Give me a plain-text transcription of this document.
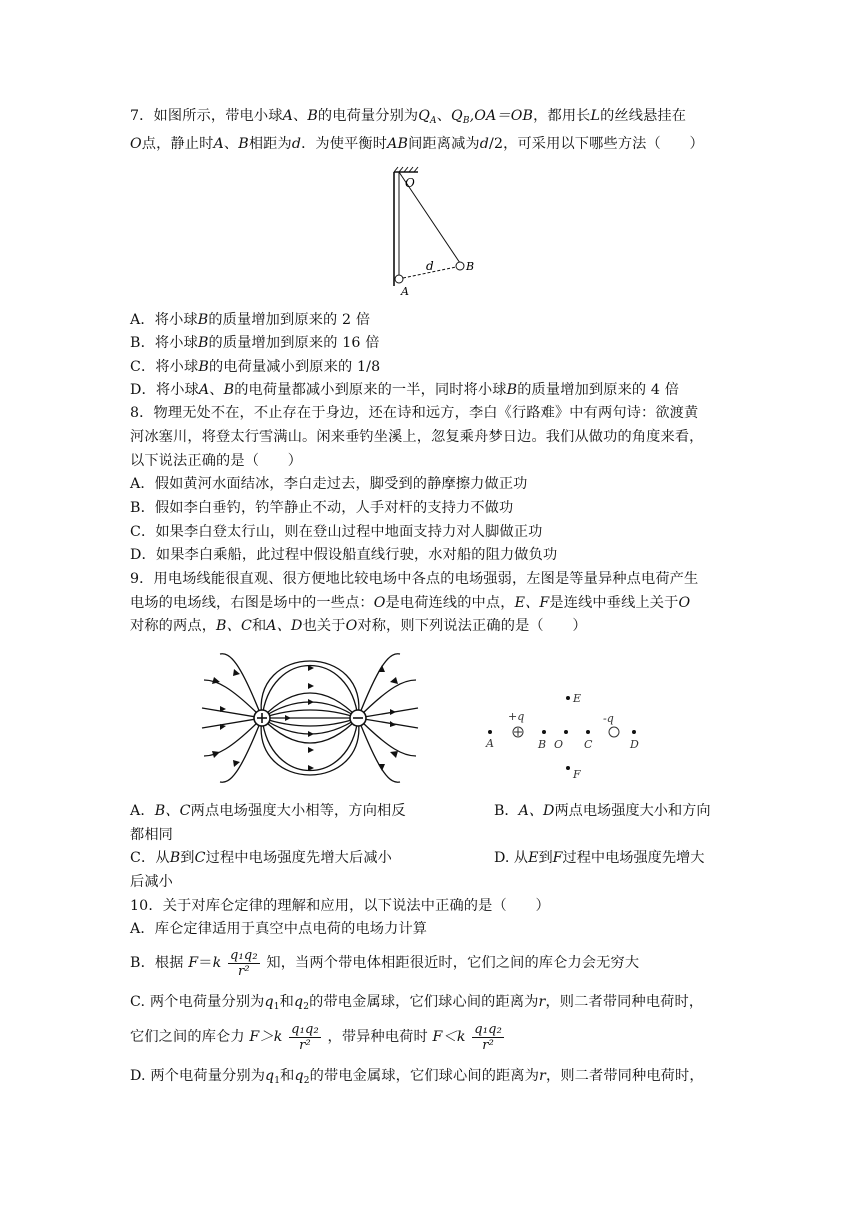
7．如图所示，带电小球A、B的电荷量分别为$Q_A$、$Q_B,OA=OB$，都用长L的丝线悬挂在
O点，静止时A、B相距为d．为使平衡时AB间距离减为d/2，可采用以下哪些方法（　　）
O
d
A
B
A．将小球B的质量增加到原来的 2 倍
B．将小球B的质量增加到原来的 16 倍
C．将小球B的电荷量减小到原来的 1/8
D．将小球A、B的电荷量都减小到原来的一半，同时将小球B的质量增加到原来的 4 倍
8．物理无处不在，不止存在于身边，还在诗和远方，李白《行路难》中有两句诗：欲渡黄
河冰塞川，将登太行雪满山。闲来垂钓坐溪上，忽复乘舟梦日边。我们从做功的角度来看，
以下说法正确的是（　　）
A．假如黄河水面结冰，李白走过去，脚受到的静摩擦力做正功
B．假如李白垂钓，钓竿静止不动，人手对杆的支持力不做功
C．如果李白登太行山，则在登山过程中地面支持力对人脚做正功
D．如果李白乘船，此过程中假设船直线行驶，水对船的阻力做负功
9．用电场线能很直观、很方便地比较电场中各点的电场强弱，左图是等量异种点电荷产生
电场的电场线，右图是场中的一些点：O是电荷连线的中点，E、F是连线中垂线上关于O
对称的两点，B、C和A、D也关于O对称，则下列说法正确的是（　　）
E
+q	-q
A	B O C	D
F
A．B、C两点电场强度大小相等，方向相反	B．A、D两点电场强度大小和方向
都相同
C．从B到C过程中电场强度先增大后减小	D. 从E到F过程中电场强度先增大
后减小
10．关于对库仑定律的理解和应用，以下说法中正确的是（　　）
A．库仑定律适用于真空中点电荷的电场力计算
B．根据 $F=k \frac{\text{q₁q₂}}{\text{r²}}$ 知，当两个带电体相距很近时，它们之间的库仑力会无穷大
C. 两个电荷量分别为$q_1$和$q_2$的带电金属球，它们球心间的距离为r，则二者带同种电荷时，
它们之间的库仑力 $F>k \frac{\text{q₁q₂}}{\text{r²}}$ ，带异种电荷时 $F<k \frac{\text{q₁q₂}}{\text{r²}}$
D. 两个电荷量分别为$q_1$和$q_2$的带电金属球，它们球心间的距离为r，则二者带同种电荷时，
